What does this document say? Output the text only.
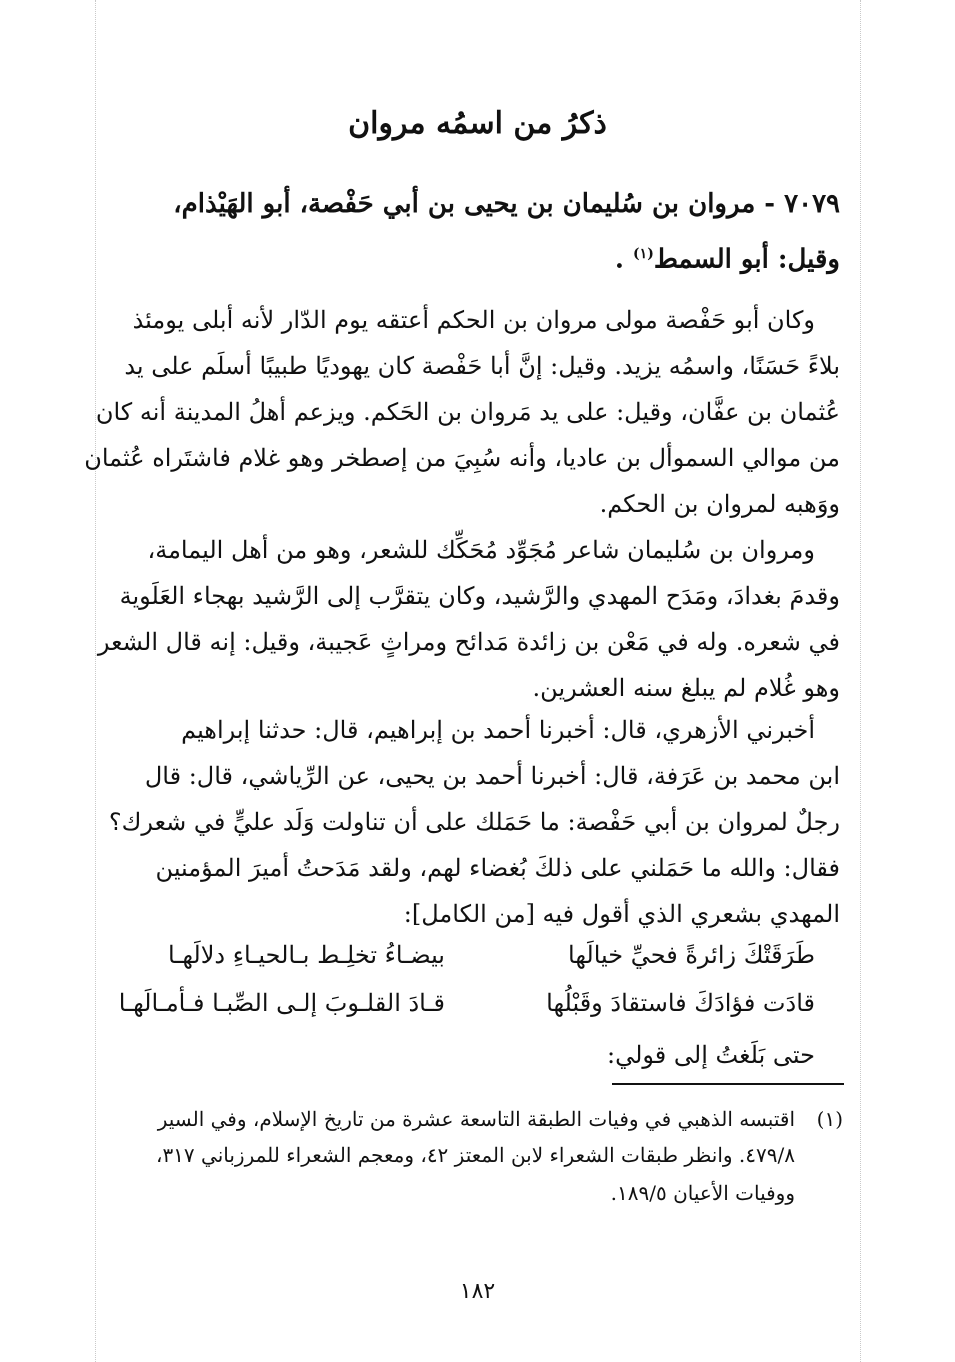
ذكرُ من اسمُه مروان
٧٠٧٩ - مروان بن سُليمان بن يحيى بن أبي حَفْصة، أبو الهَيْذام،
وقيل: أبو السمط$^{(١)}$ .
وكان أبو حَفْصة مولى مروان بن الحكم أعتقه يوم الدّار لأنه أبلى يومئذ
بلاءً حَسَنًا، واسمُه يزيد. وقيل: إنَّ أبا حَفْصة كان يهوديًا طبيبًا أسلَم على يد
عُثمان بن عفَّان، وقيل: على يد مَروان بن الحَكم. ويزعم أهلُ المدينة أنه كان
من موالي السموأل بن عاديا، وأنه سُبِيَ من إصطخر وهو غلام فاشتَراه عُثمان
ووَهبه لمروان بن الحكم.
ومروان بن سُليمان شاعر مُجَوِّد مُحَكِّك للشعر، وهو من أهل اليمامة،
وقدمَ بغدادَ، ومَدَح المهدي والرَّشيد، وكان يتقرَّب إلى الرَّشيد بهجاء العَلَوية
في شعره. وله في مَعْن بن زائدة مَدائح ومراثٍ عَجيبة، وقيل: إنه قال الشعر
وهو غُلام لم يبلغ سنه العشرين.
أخبرني الأزهري، قال: أخبرنا أحمد بن إبراهيم، قال: حدثنا إبراهيم
ابن محمد بن عَرَفة، قال: أخبرنا أحمد بن يحيى، عن الرِّياشي، قال: قال
رجلٌ لمروان بن أبي حَفْصة: ما حَمَلك على أن تناولت وَلَد عليٍّ في شعرك؟
فقال: والله ما حَمَلني على ذلكَ بُغضاء لهم، ولقد مَدَحتُ أميرَ المؤمنين
المهدي بشعري الذي أقول فيه [من الكامل]:
طَرَقَتْكَ زائرةً فحيِّ خيالَها
بيضـاءُ تخلِـط بـالحيـاءِ دلالَهـا
قادَت فؤادَكَ فاستقادَ وقَبْلُها
قـادَ القلـوبَ إلـى الصِّبـا فـأمـالَهـا
حتى بَلَغتُ إلى قولي:
(١)
اقتبسه الذهبي في وفيات الطبقة التاسعة عشرة من تاريخ الإسلام، وفي السير
٤٧٩/٨. وانظر طبقات الشعراء لابن المعتز ٤٢، ومعجم الشعراء للمرزباني ٣١٧،
ووفيات الأعيان ١٨٩/٥.
١٨٢
